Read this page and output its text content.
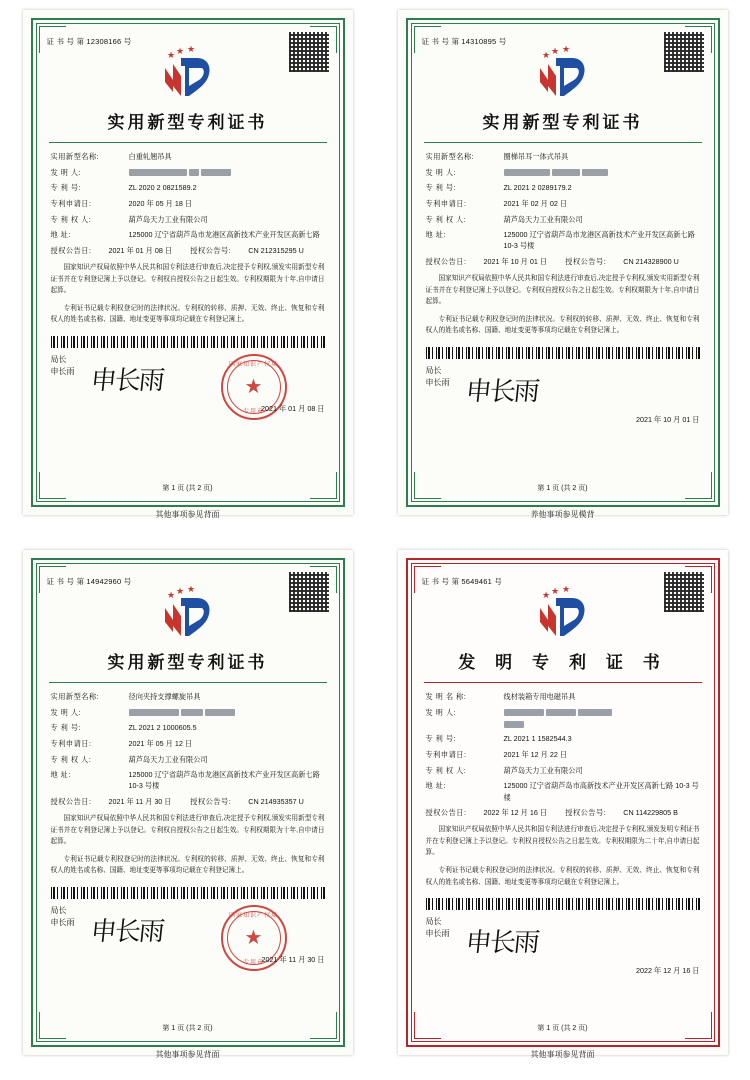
证 书 号 第 12308166 号
★ ★ ★
实用新型专利证书
实用新型名称:	白重轧翘吊具
发 明 人:

专 利 号:	ZL 2020 2 0821589.2
专利申请日:	2020 年 05 月 18 日
专 利 权 人:	葫芦岛天力工业有限公司
地 址:	125000 辽宁省葫芦岛市龙港区高新技术产业开发区高新七路
授权公告日:	2021 年 01 月 08 日	授权公告号:	CN 212315295 U
国家知识产权局依照中华人民共和国专利法进行审查后,决定授予专利权,颁发实用新型专利证书并在专利登记簿上予以登记。专利权自授权公告之日起生效。专利权期限为十年,自申请日起算。
专利证书记载专利权登记时的法律状况。专利权的转移、质押、无效、终止、恢复和专利权人的姓名或名称、国籍、地址变更等事项均记载在专利登记簿上。
局长
申长雨 申长雨	★
国家知识产权局
专用章
2021 年 01 月 08 日
第 1 页 (共 2 页)
其他事项参见背面
证 书 号 第 14310895 号
★ ★ ★
实用新型专利证书
实用新型名称:	圈梯吊耳一体式吊具
发 明 人:

专 利 号:	ZL 2021 2 0289179.2
专利申请日:	2021 年 02 月 02 日
专 利 权 人:	葫芦岛天力工业有限公司
地 址:	125000 辽宁省葫芦岛市龙港区高新技术产业开发区高新七路 10-3 号楼
授权公告日:	2021 年 10 月 01 日	授权公告号:	CN 214328900 U
国家知识产权局依照中华人民共和国专利法进行审查后,决定授予专利权,颁发实用新型专利证书并在专利登记簿上予以登记。专利权自授权公告之日起生效。专利权期限为十年,自申请日起算。
专利证书记载专利权登记时的法律状况。专利权的转移、质押、无效、终止、恢复和专利权人的姓名或名称、国籍、地址变更等事项均记载在专利登记簿上。
局长
申长雨 申长雨
2021 年 10 月 01 日
第 1 页 (共 2 页)
养他事项参见模背
证 书 号 第 14942960 号
★ ★ ★
实用新型专利证书
实用新型名称:	径向夹持支撑螺旋吊具
发 明 人:

专 利 号:	ZL 2021 2 1000605.5
专利申请日:	2021 年 05 月 12 日
专 利 权 人:	葫芦岛天力工业有限公司
地 址:	125000 辽宁省葫芦岛市龙港区高新技术产业开发区高新七路 10-3 号楼
授权公告日:	2021 年 11 月 30 日	授权公告号:	CN 214935357 U
国家知识产权局依照中华人民共和国专利法进行审查后,决定授予专利权,颁发实用新型专利证书并在专利登记簿上予以登记。专利权自授权公告之日起生效。专利权期限为十年,自申请日起算。
专利证书记载专利权登记时的法律状况。专利权的转移、质押、无效、终止、恢复和专利权人的姓名或名称、国籍、地址变更等事项均记载在专利登记簿上。
局长
申长雨 申长雨	★
国家知识产权局
专用章
2021 年 11 月 30 日
第 1 页 (共 2 页)
其他事项参见背面
证 书 号 第 5649461 号
★ ★ ★
发 明 专 利 证 书
发 明 名 称:	线材装箱专用电磁吊具
发 明 人:

专 利 号:	ZL 2021 1 1582544.3
专利申请日:	2021 年 12 月 22 日
专 利 权 人:	葫芦岛天力工业有限公司
地 址:	125000 辽宁省葫芦岛市高新技术产业开发区高新七路 10-3 号楼
授权公告日:	2022 年 12 月 16 日	授权公告号:	CN 114229805 B
国家知识产权局依照中华人民共和国专利法进行审查后,决定授予专利权,颁发发明专利证书并在专利登记簿上予以登记。专利权自授权公告之日起生效。专利权期限为二十年,自申请日起算。
专利证书记载专利权登记时的法律状况。专利权的转移、质押、无效、终止、恢复和专利权人的姓名或名称、国籍、地址变更等事项均记载在专利登记簿上。
局长
申长雨 申长雨
2022 年 12 月 16 日
第 1 页 (共 2 页)
其他事项参见背面
